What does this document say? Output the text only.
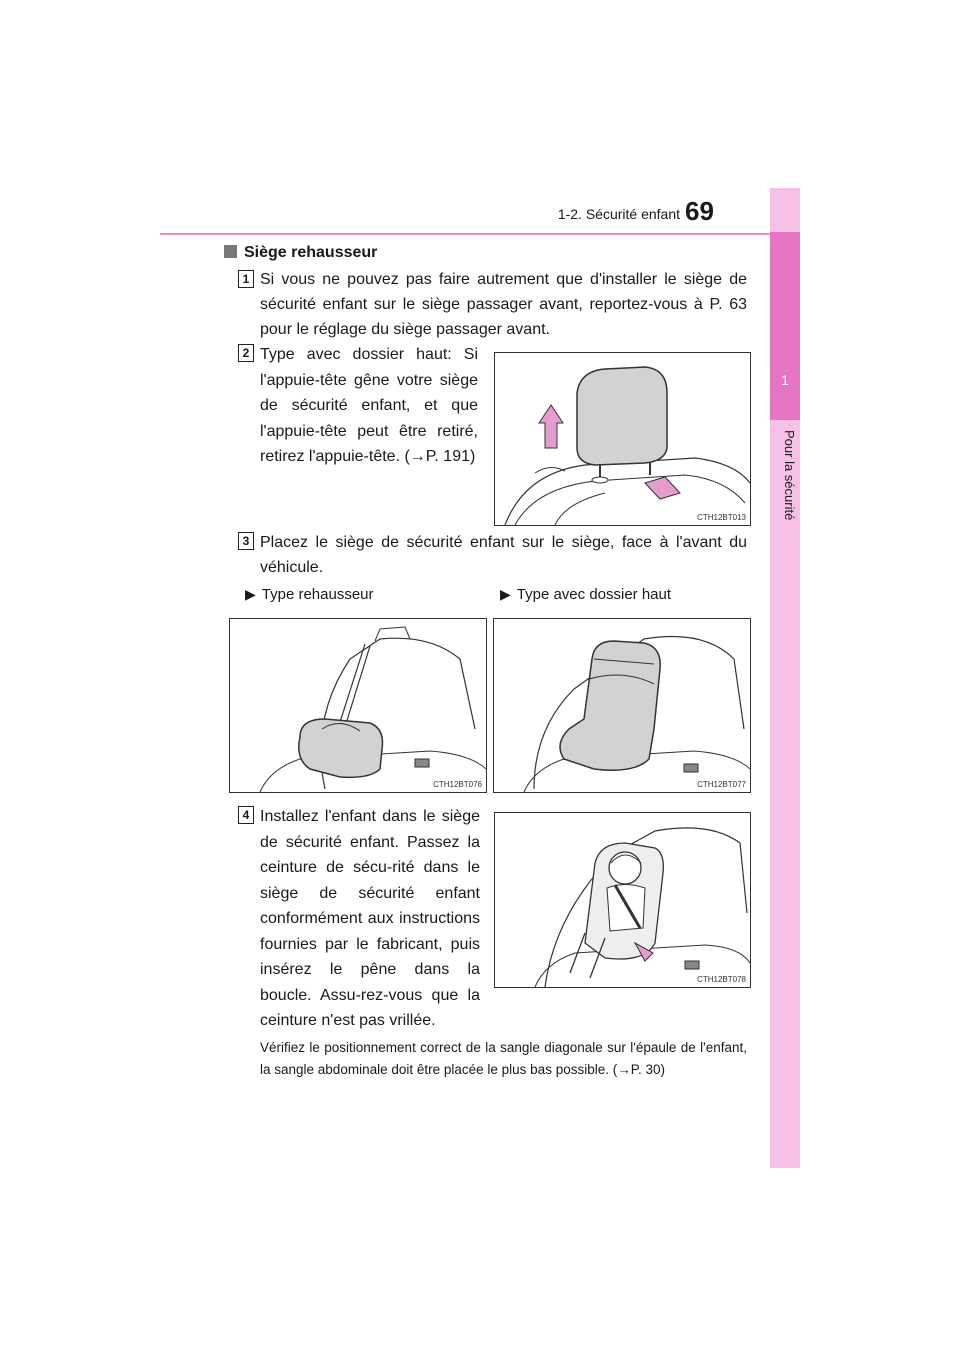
1-2. Sécurité enfant 69
1
Pour la sécurité
Siège rehausseur
1 Si vous ne pouvez pas faire autrement que d'installer le siège de sécurité enfant sur le siège passager avant, reportez-vous à P. 63 pour le réglage du siège passager avant.
2 Type avec dossier haut: Si l'appuie-tête gêne votre siège de sécurité enfant, et que l'appuie-tête peut être retiré, retirez l'appuie-tête. (→P. 191)
CTH12BT013
3 Placez le siège de sécurité enfant sur le siège, face à l'avant du véhicule.
▶ Type rehausseur	▶ Type avec dossier haut
CTH12BT076	CTH12BT077
4 Installez l'enfant dans le siège de sécurité enfant. Passez la ceinture de sécu-rité dans le siège de sécurité enfant conformément aux instructions fournies par le fabricant, puis insérez le pêne dans la boucle. Assu-rez-vous que la ceinture n'est pas vrillée.
CTH12BT078
Vérifiez le positionnement correct de la sangle diagonale sur l'épaule de l'enfant, la sangle abdominale doit être placée le plus bas possible. (→P. 30)
